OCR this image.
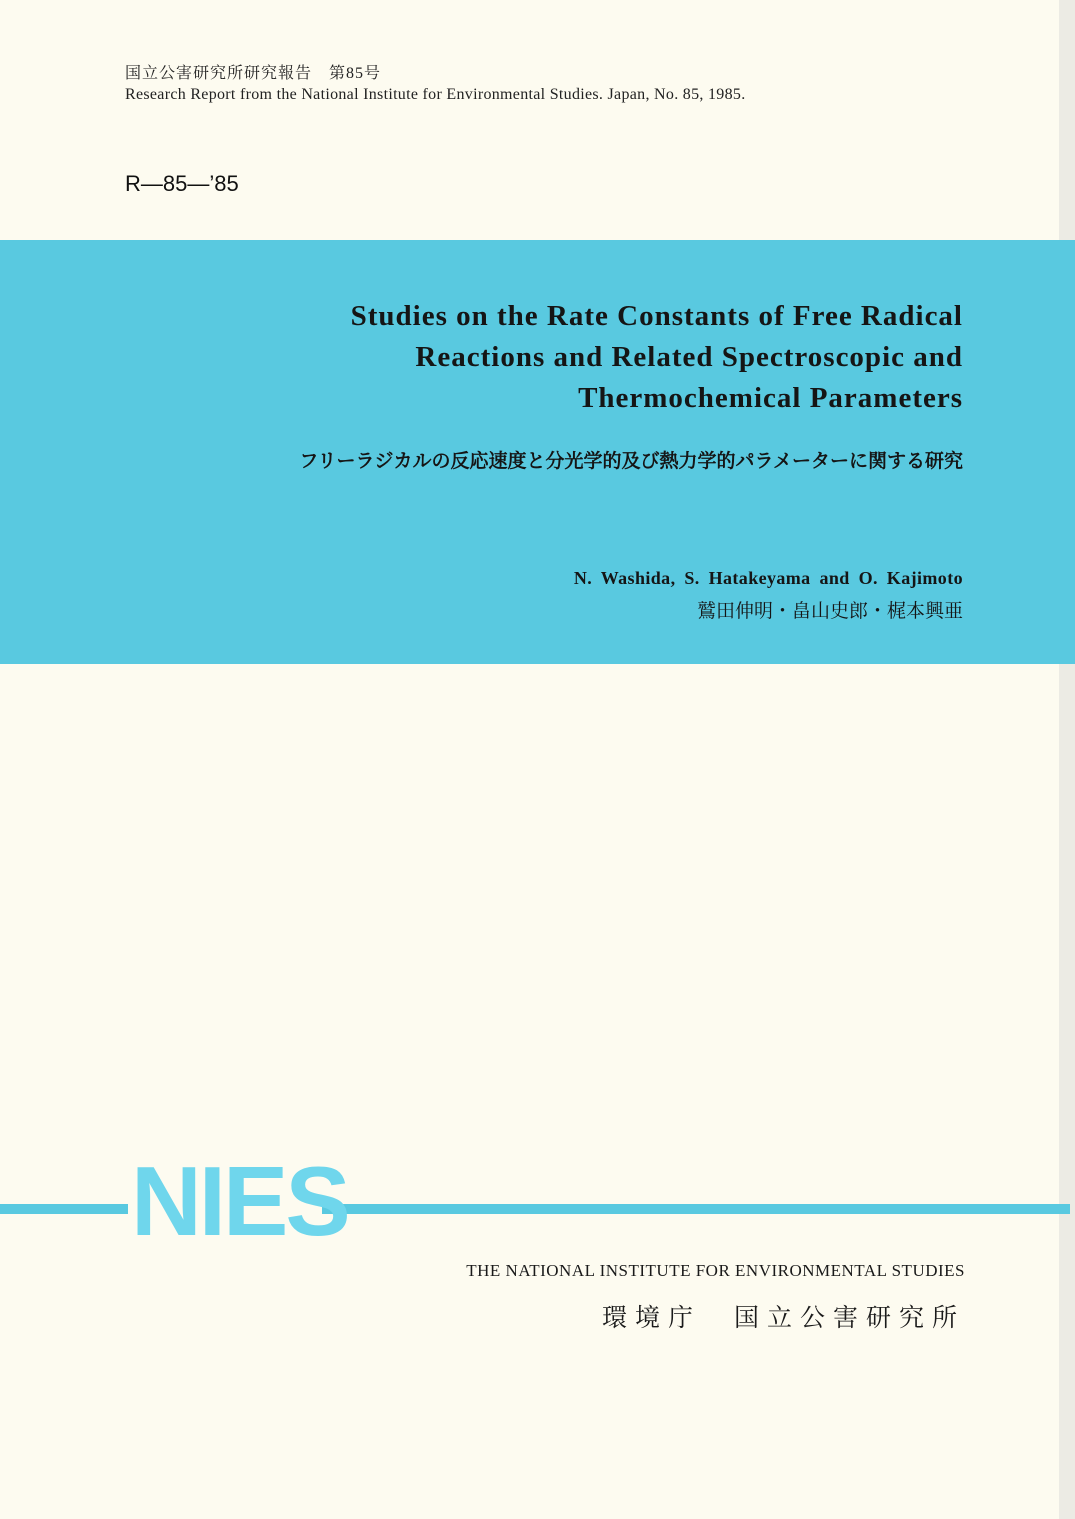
国立公害研究所研究報告　第85号
Research Report from the National Institute for Environmental Studies. Japan, No. 85, 1985.
R—85—’85
Studies on the Rate Constants of Free Radical
Reactions and Related Spectroscopic and
Thermochemical Parameters
フリーラジカルの反応速度と分光学的及び熱力学的パラメーターに関する研究
N. Washida, S. Hatakeyama and O. Kajimoto
鷲田伸明・畠山史郎・梶本興亜
NIES
THE NATIONAL INSTITUTE FOR ENVIRONMENTAL STUDIES
環境庁　 国立公害研究所
